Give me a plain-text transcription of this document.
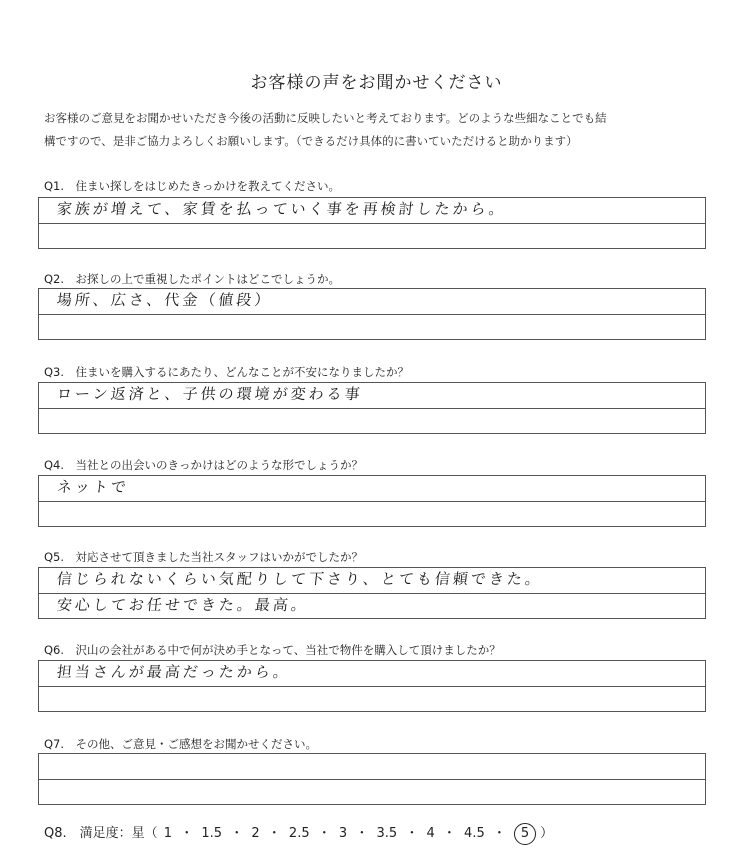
お客様の声をお聞かせください
お客様のご意見をお聞かせいただき今後の活動に反映したいと考えております。どのような些細なことでも結
構ですので、是非ご協力よろしくお願いします。（できるだけ具体的に書いていただけると助かります）
Q1.　住まい探しをはじめたきっかけを教えてください。
家族が増えて、家賃を払っていく事を再検討したから。
Q2.　お探しの上で重視したポイントはどこでしょうか。
場所、広さ、代金（値段）
Q3.　住まいを購入するにあたり、どんなことが不安になりましたか？
ローン返済と、子供の環境が変わる事
Q4.　当社との出会いのきっかけはどのような形でしょうか？
ネットで
Q5.　対応させて頂きました当社スタッフはいかがでしたか？
信じられないくらい気配りして下さり、とても信頼できた。
安心してお任せできた。最高。
Q6.　沢山の会社がある中で何が決め手となって、当社で物件を購入して頂けましたか？
担当さんが最高だったから。
Q7.　その他、ご意見・ご感想をお聞かせください。
Q8.　満足度：星（ 1 ・ 1.5 ・ 2 ・ 2.5 ・ 3 ・ 3.5 ・ 4 ・ 4.5 ・ 5 ）
